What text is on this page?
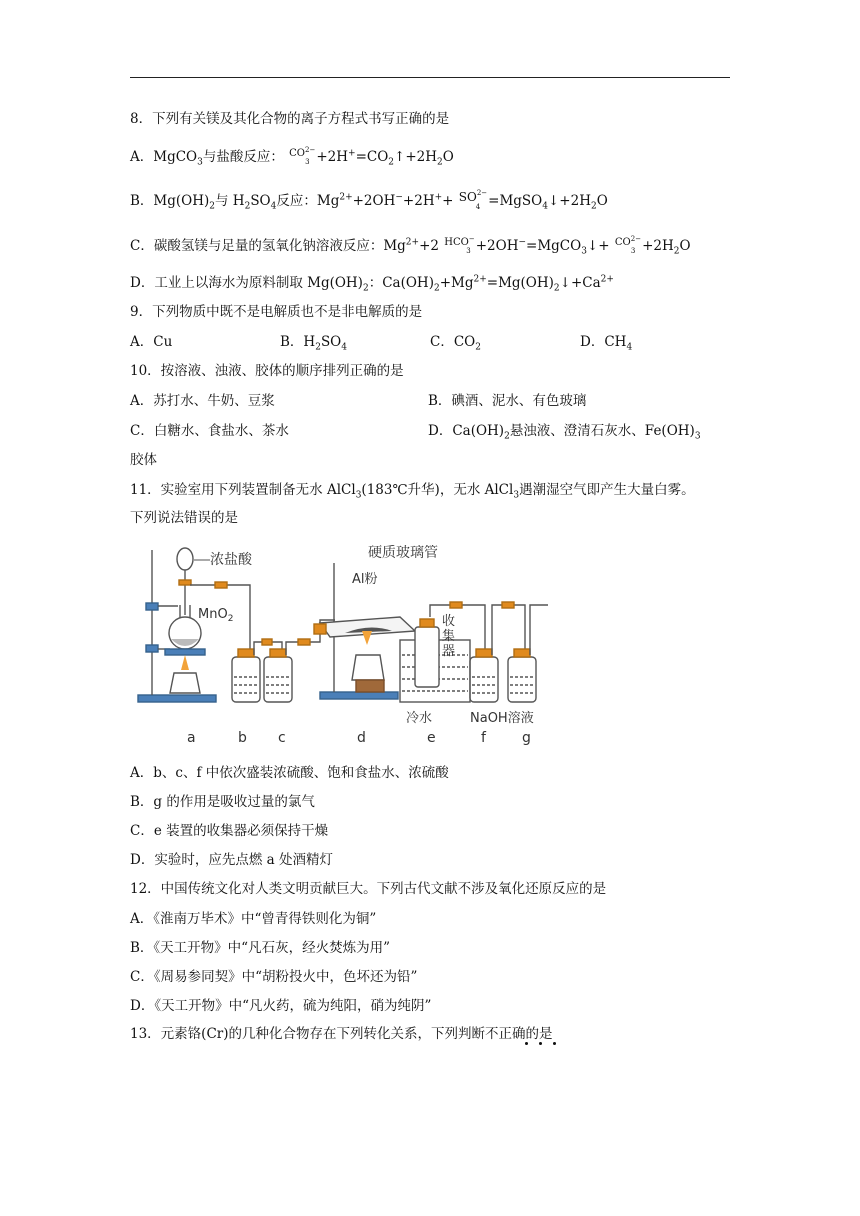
8．下列有关镁及其化合物的离子方程式书写正确的是
A．MgCO$_3$与盐酸反应： $CO^{2-}$
$3 +2H^+=CO_2↑+2H_2O$
B．$Mg(OH)_2$与 $H_2SO_4$反应：$Mg^{2+}+2OH^-+2H^++ SO^{2-}$
$4 =MgSO_4↓+2H_2O$
C．碳酸氢镁与足量的氢氧化钠溶液反应：$Mg^{2+}+2$ HCO−
3 +2OH−=MgCO$_3$↓+ $CO^{2-}$
$3 +2H_2O$
D．工业上以海水为原料制取 $Mg(OH)_2$：$Ca(OH)_2+Mg^{2+}=Mg(OH)_2↓+Ca^{2+}$
9．下列物质中既不是电解质也不是非电解质的是
A．Cu	B．$H_2SO_4$	C．$CO_2$	D．$CH_4$
10．按溶液、浊液、胶体的顺序排列正确的是
A．苏打水、牛奶、豆浆	B．碘酒、泥水、有色玻璃
C．白糖水、食盐水、茶水	D．$Ca(OH)_2$悬浊液、澄清石灰水、$Fe(OH)_3$
胶体
11．实验室用下列装置制备无水 AlCl$_3$(183℃升华)，无水 AlCl$_3$遇潮湿空气即产生大量白雾。
下列说法错误的是
浓盐酸
MnO$_2$
硬质玻璃管
Al粉
收
集
器
冷水	NaOH溶液
a	b c	d	e	f	g
A．b、c、f 中依次盛装浓硫酸、饱和食盐水、浓硫酸
B．g 的作用是吸收过量的氯气
C．e 装置的收集器必须保持干燥
D．实验时，应先点燃 a 处酒精灯
12．中国传统文化对人类文明贡献巨大。下列古代文献不涉及氧化还原反应的是
A．《淮南万毕术》中“曾青得铁则化为铜”
B．《天工开物》中“凡石灰，经火焚炼为用”
C．《周易参同契》中“胡粉投火中，色坏还为铅”
D．《天工开物》中“凡火药，硫为纯阳，硝为纯阴”
13．元素铬(Cr)的几种化合物存在下列转化关系，下列判断不正确的是
